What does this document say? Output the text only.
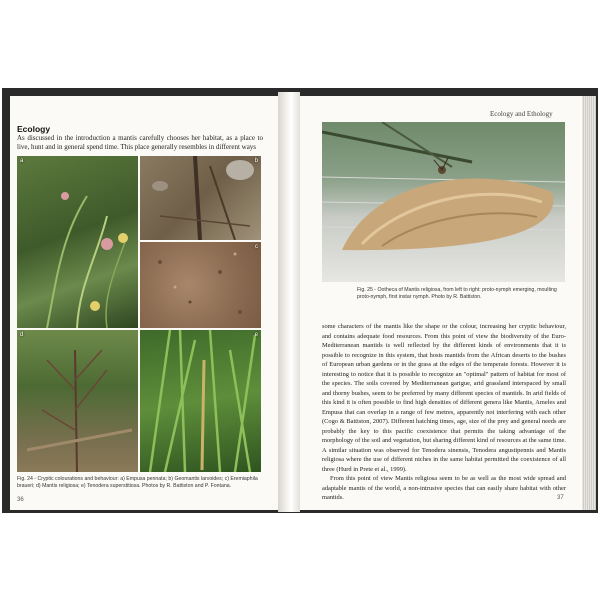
Ecology
As discussed in the introduction a mantis carefully chooses her habitat, as a place to live, hunt and in general spend time. This place generally resembles in different ways
a	b
c
d	e
Fig. 24 - Cryptic colourations and behaviour: a) Empusa pennata; b) Geomantis larvoides; c) Eremiaphila braueri; d) Mantis religiosa; e) Tenodera superstitiosa. Photos by R. Battiston and P. Fontana.
36
Ecology and Ethology
Fig. 25 - Ootheca of Mantis religiosa, from left to right: proto-nymph emerging, moulting proto-nymph, first instar nymph. Photo by R. Battiston.

some characters of the mantis like the shape or the colour, increasing her cryptic behaviour, and contains adequate food resources. From this point of view the biodiversity of the Euro-Mediterranean mantids is well reflected by the different kinds of environments that it is possible to recognize in this system, that hosts mantids from the African deserts to the bushes of European urban gardens or in the grass at the edges of the temperate forests. However it is interesting to notice that it is possible to recognize an "optimal" pattern of habitat for most of the species. The soils covered by Mediterranean garigue, arid grassland interspaced by small and thorny bushes, seem to be preferred by many different species of mantids. In arid fields of this kind it is often possible to find high densities of different genera like Mantis, Ameles and Empusa that can overlap in a range of few metres, apparently not interfering with each other (Cogo & Battiston, 2007). Different hatching times, age, size of the prey and general needs are probably the key to this pacific coexistence that permits the taking advantage of the morphology of the soil and vegetation, but sharing different kind of resources at the same time. A similar situation was observed for Tenodera sinensis, Tenodera angustipennis and Mantis religiosa where the use of different niches in the same habitat permitted the coexistence of all three (Hurd in Prete et al., 1999).

From this point of view Mantis religiosa seem to be as well as the most wide spread and adaptable mantis of the world, a non-intrusive species that can easily share habitat with other mantids.	37
